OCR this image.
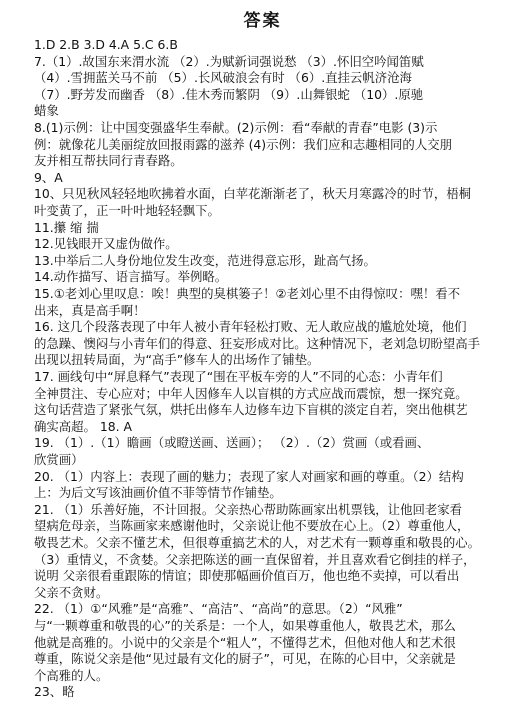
答案
1.D 2.B 3.D 4.A 5.C 6.B
7.（1）.故国东来渭水流 （2）.为赋新词强说愁 （3）.怀旧空吟闻笛赋
（4）.雪拥蓝关马不前 （5）.长风破浪会有时 （6）.直挂云帆济沧海
（7）.野芳发而幽香 （8）.佳木秀而繁阴 （9）.山舞银蛇 （10）.原驰
蜡象
8.(1)示例：让中国变强盛华生奉献。(2)示例：看“奉献的青春”电影 (3)示
例：就像花儿美丽绽放回报雨露的滋养 (4)示例：我们应和志趣相同的人交朋
友并相互帮扶同行青春路。
9、A
10、只见秋风轻轻地吹拂着水面，白苹花渐渐老了，秋天月寒露冷的时节，梧桐
叶变黄了，正一叶叶地轻轻飘下。
11.攥 缩 揣
12.见钱眼开又虚伪做作。
13.中举后二人身份地位发生改变，范进得意忘形，趾高气扬。
14.动作描写、语言描写。举例略。
15.①老刘心里叹息：唉！典型的臭棋篓子！②老刘心里不由得惊叹：嘿！看不
出来，真是高手啊！
16. 这几个段落表现了中年人被小青年轻松打败、无人敢应战的尴尬处境，他们
的急躁、懊闷与小青年们的得意、狂妄形成对比。这种情况下，老刘急切盼望高手
出现以扭转局面，为“高手”修车人的出场作了铺垫。
17. 画线句中“屏息释气”表现了“围在平板车旁的人”不同的心态：小青年们
全神贯注、专心应对；中年人因修车人以盲棋的方式应战而震惊，想一探究竟。
这句话营造了紧张气氛，烘托出修车人边修车边下盲棋的淡定自若，突出他棋艺
确实高超。 18. A
19. （1）.（1）瞻画（或瞪送画、送画）； （2）.（2）赏画（或看画、
欣赏画）
20. （1）内容上：表现了画的魅力；表现了家人对画家和画的尊重。（2）结构
上：为后文写该油画价值不菲等情节作铺垫。
21. （1）乐善好施，不计回报。父亲热心帮助陈画家出机票钱，让他回老家看
望病危母亲，当陈画家来感谢他时，父亲说让他不要放在心上。（2）尊重他人，
敬畏艺术。父亲不懂艺术，但很尊重搞艺术的人，对艺术有一颗尊重和敬畏的心。
（3）重情义，不贪婪。父亲把陈送的画一直保留着，并且喜欢看它倒挂的样子，
说明 父亲很看重跟陈的情谊；即使那幅画价值百万，他也绝不卖掉，可以看出
父亲不贪财。
22. （1）①“风雅”是“高雅”、“高洁”、“高尚”的意思。（2）“风雅”
与“一颗尊重和敬畏的心”的关系是：一个人，如果尊重他人，敬畏艺术，那么
他就是高雅的。小说中的父亲是个“粗人”，不懂得艺术，但他对他人和艺术很
尊重，陈说父亲是他“见过最有文化的厨子”，可见，在陈的心目中，父亲就是
个高雅的人。
23、略
